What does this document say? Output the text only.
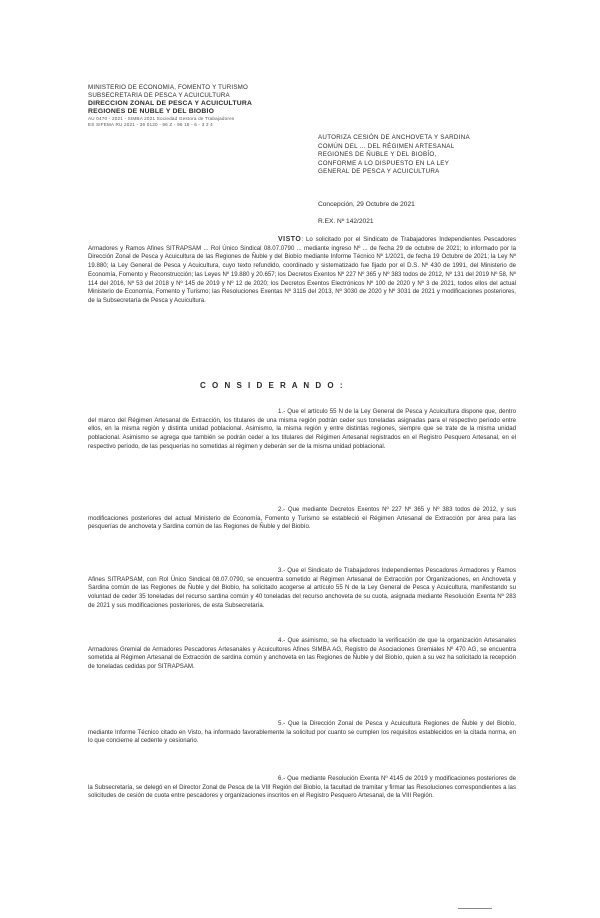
MINISTERIO DE ECONOMÍA, FOMENTO Y TURISMO
SUBSECRETARÍA DE PESCA Y ACUICULTURA
DIRECCIÓN ZONAL DE PESCA Y ACUICULTURA
REGIONES DE ÑUBLE Y DEL BIOBÍO
AU 0470 - 2021 - SIMBA 2021 Sociedad Gestora de Trabajadores
ES SIFEMA RU 2021 - 36 0120 - 96 Z - 96 18 - 6 - 3 2 4
AUTORIZA CESIÓN DE ANCHOVETA Y SARDINA
COMÚN DEL ... DEL RÉGIMEN ARTESANAL
REGIONES DE ÑUBLE Y DEL BIOBÍO,
CONFORME A LO DISPUESTO EN LA LEY
GENERAL DE PESCA Y ACUICULTURA
Concepción, 29 Octubre de 2021
R.EX. Nº 142/2021
VISTO: Lo solicitado por el Sindicato de Trabajadores Independientes Pescadores Armadores y Ramos Afines SITRAPSAM ... Rol Único Sindical 08.07.0790 ... mediante ingreso Nº ... de fecha 29 de octubre de 2021; lo informado por la Dirección Zonal de Pesca y Acuicultura de las Regiones de Ñuble y del Biobío mediante Informe Técnico Nº 1/2021, de fecha 19 Octubre de 2021; la Ley Nº 19.880; la Ley General de Pesca y Acuicultura, cuyo texto refundido, coordinado y sistematizado fue fijado por el D.S. Nº 430 de 1991, del Ministerio de Economía, Fomento y Reconstrucción; las Leyes Nº 19.880 y 20.657; los Decretos Exentos Nº 227 Nº 365 y Nº 383 todos de 2012, Nº 131 del 2019 Nº 58, Nº 114 del 2016, Nº 53 del 2018 y Nº 145 de 2019 y Nº 12 de 2020; los Decretos Exentos Electrónicos Nº 100 de 2020 y Nº 3 de 2021, todos ellos del actual Ministerio de Economía, Fomento y Turismo; las Resoluciones Exentas Nº 3115 del 2013, Nº 3030 de 2020 y Nº 3031 de 2021 y modificaciones posteriores, de la Subsecretaría de Pesca y Acuicultura.
C O N S I D E R A N D O :
1.- Que el artículo 55 N de la Ley General de Pesca y Acuicultura dispone que, dentro del marco del Régimen Artesanal de Extracción, los titulares de una misma región podrán ceder sus toneladas asignadas para el respectivo período entre ellos, en la misma región y distinta unidad poblacional. Asimismo, la misma región y entre distintas regiones, siempre que se trate de la misma unidad poblacional. Asimismo se agrega que también se podrán ceder a los titulares del Régimen Artesanal registrados en el Registro Pesquero Artesanal, en el respectivo período, de las pesquerías no sometidas al régimen y deberán ser de la misma unidad poblacional.
2.- Que mediante Decretos Exentos Nº 227 Nº 365 y Nº 383 todos de 2012, y sus modificaciones posteriores del actual Ministerio de Economía, Fomento y Turismo se estableció el Régimen Artesanal de Extracción por área para las pesquerías de anchoveta y Sardina común de las Regiones de Ñuble y del Biobío.
3.- Que el Sindicato de Trabajadores Independientes Pescadores Armadores y Ramos Afines SITRAPSAM, con Rol Único Sindical 08.07.0790, se encuentra sometido al Régimen Artesanal de Extracción por Organizaciones, en Anchoveta y Sardina común de las Regiones de Ñuble y del Biobío, ha solicitado acogerse al artículo 55 N de la Ley General de Pesca y Acuicultura, manifestando su voluntad de ceder 35 toneladas del recurso sardina común y 40 toneladas del recurso anchoveta de su cuota, asignada mediante Resolución Exenta Nº 283 de 2021 y sus modificaciones posteriores, de esta Subsecretaría.
4.- Que asimismo, se ha efectuado la verificación de que la organización Artesanales Armadores Gremial de Armadores Pescadores Artesanales y Acuicultores Afines SIMBA AG, Registro de Asociaciones Gremiales Nº 470 AG, se encuentra sometida al Régimen Artesanal de Extracción de sardina común y anchoveta en las Regiones de Ñuble y del Biobío, quien a su vez ha solicitado la recepción de toneladas cedidas por SITRAPSAM.
5.- Que la Dirección Zonal de Pesca y Acuicultura Regiones de Ñuble y del Biobío, mediante Informe Técnico citado en Visto, ha informado favorablemente la solicitud por cuanto se cumplen los requisitos establecidos en la citada norma, en lo que concierne al cedente y cesionario.
6.- Que mediante Resolución Exenta Nº 4145 de 2019 y modificaciones posteriores de la Subsecretaría, se delegó en el Director Zonal de Pesca de la VIII Región del Biobío, la facultad de tramitar y firmar las Resoluciones correspondientes a las solicitudes de cesión de cuota entre pescadores y organizaciones inscritos en el Registro Pesquero Artesanal, de la VIII Región.
